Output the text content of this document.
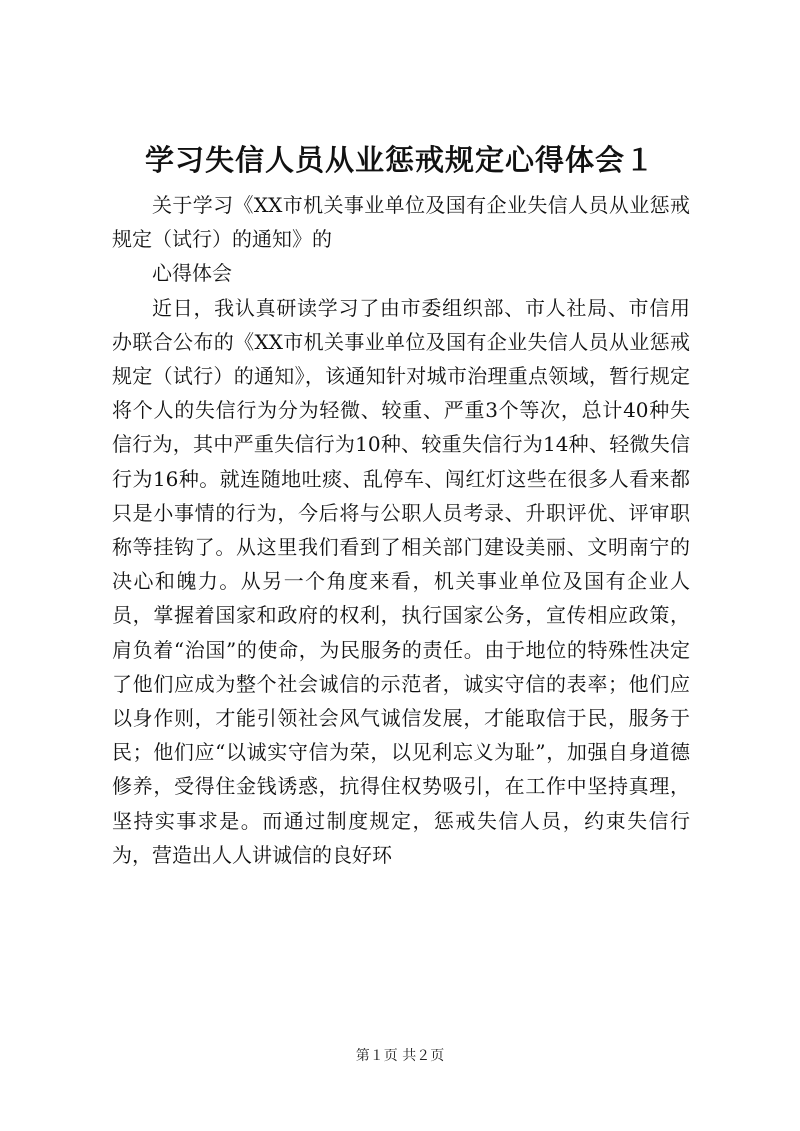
学习失信人员从业惩戒规定心得体会１

关于学习《XX市机关事业单位及国有企业失信人员从业惩戒规定（试行）的通知》的

心得体会

近日，我认真研读学习了由市委组织部、市人社局、市信用办联合公布的《XX市机关事业单位及国有企业失信人员从业惩戒规定（试行）的通知》，该通知针对城市治理重点领域，暂行规定将个人的失信行为分为轻微、较重、严重3个等次，总计40种失信行为，其中严重失信行为10种、较重失信行为14种、轻微失信行为16种。就连随地吐痰、乱停车、闯红灯这些在很多人看来都只是小事情的行为，今后将与公职人员考录、升职评优、评审职称等挂钩了。从这里我们看到了相关部门建设美丽、文明南宁的决心和魄力。从另一个角度来看，机关事业单位及国有企业人员，掌握着国家和政府的权利，执行国家公务，宣传相应政策，肩负着“治国”的使命，为民服务的责任。由于地位的特殊性决定了他们应成为整个社会诚信的示范者，诚实守信的表率；他们应以身作则，才能引领社会风气诚信发展，才能取信于民，服务于民；他们应“以诚实守信为荣，以见利忘义为耻”，加强自身道德修养，受得住金钱诱惑，抗得住权势吸引，在工作中坚持真理，坚持实事求是。而通过制度规定，惩戒失信人员，约束失信行为，营造出人人讲诚信的良好环

第１页 共２页
